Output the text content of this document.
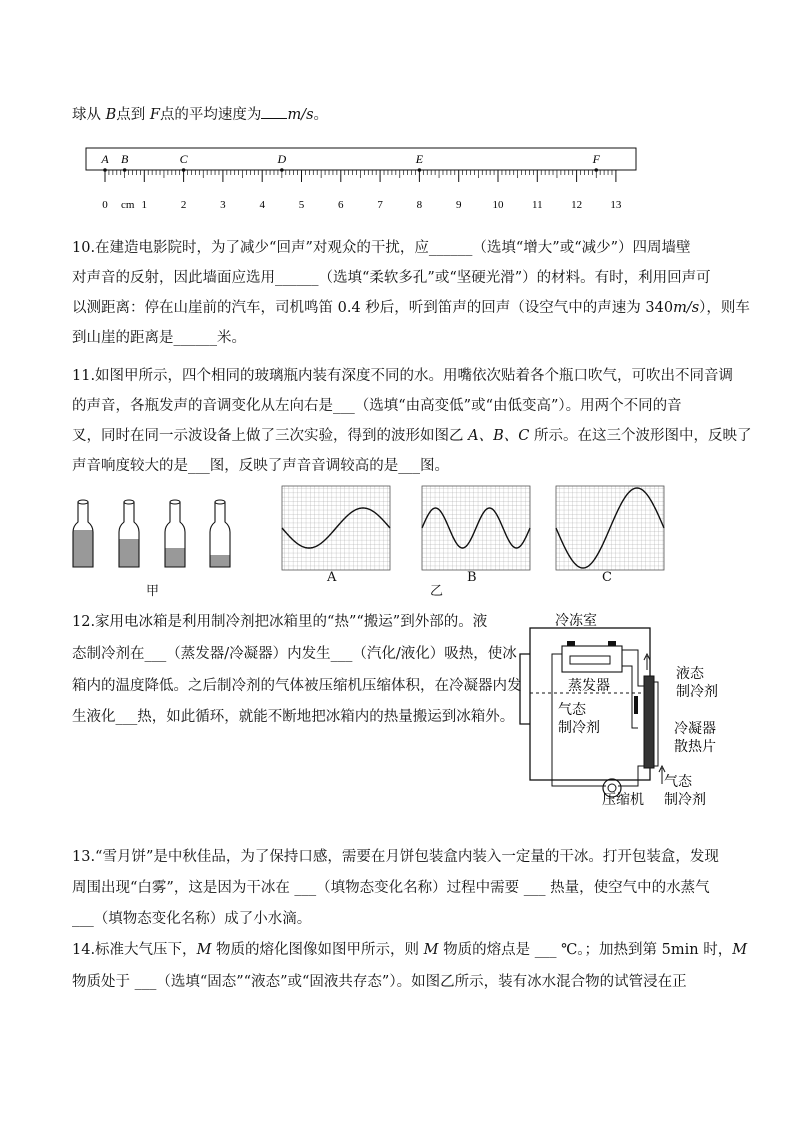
球从 B点到 F点的平均速度为 m/s。
0	1	2	3	4	5	6	7	8	9	10	11	12	13
cm
A B	C	D	E	F
10.在建造电影院时，为了减少“回声”对观众的干扰，应______（选填“增大”或“减少”）四周墙壁
对声音的反射，因此墙面应选用______（选填“柔软多孔”或“坚硬光滑”）的材料。有时，利用回声可
以测距离：停在山崖前的汽车，司机鸣笛 0.4 秒后，听到笛声的回声（设空气中的声速为 340m/s），则车
到山崖的距离是______米。
11.如图甲所示，四个相同的玻璃瓶内装有深度不同的水。用嘴依次贴着各个瓶口吹气，可吹出不同音调
的声音，各瓶发声的音调变化从左向右是___（选填“由高变低”或“由低变高”）。用两个不同的音
叉，同时在同一示波设备上做了三次实验，得到的波形如图乙 A、B、C 所示。在这三个波形图中，反映了
声音响度较大的是___图，反映了声音音调较高的是___图。
甲
A	B	C
乙
12.家用电冰箱是利用制冷剂把冰箱里的“热”“搬运”到外部的。液
态制冷剂在___（蒸发器/冷凝器）内发生___（汽化/液化）吸热，使冰
箱内的温度降低。之后制冷剂的气体被压缩机压缩体积，在冷凝器内发
生液化___热，如此循环，就能不断地把冰箱内的热量搬运到冰箱外。
冷冻室
蒸发器
液态
制冷剂
气态
制冷剂	冷凝器
散热片
气态
制冷剂
压缩机
13.“雪月饼”是中秋佳品，为了保持口感，需要在月饼包装盒内装入一定量的干冰。打开包装盒，发现
周围出现“白雾”，这是因为干冰在 ___（填物态变化名称）过程中需要 ___ 热量，使空气中的水蒸气
___（填物态变化名称）成了小水滴。
14.标准大气压下，M 物质的熔化图像如图甲所示，则 M 物质的熔点是 ___ ℃。；加热到第 5min 时，M
物质处于 ___（选填“固态”“液态”或“固液共存态”）。如图乙所示，装有冰水混合物的试管浸在正
